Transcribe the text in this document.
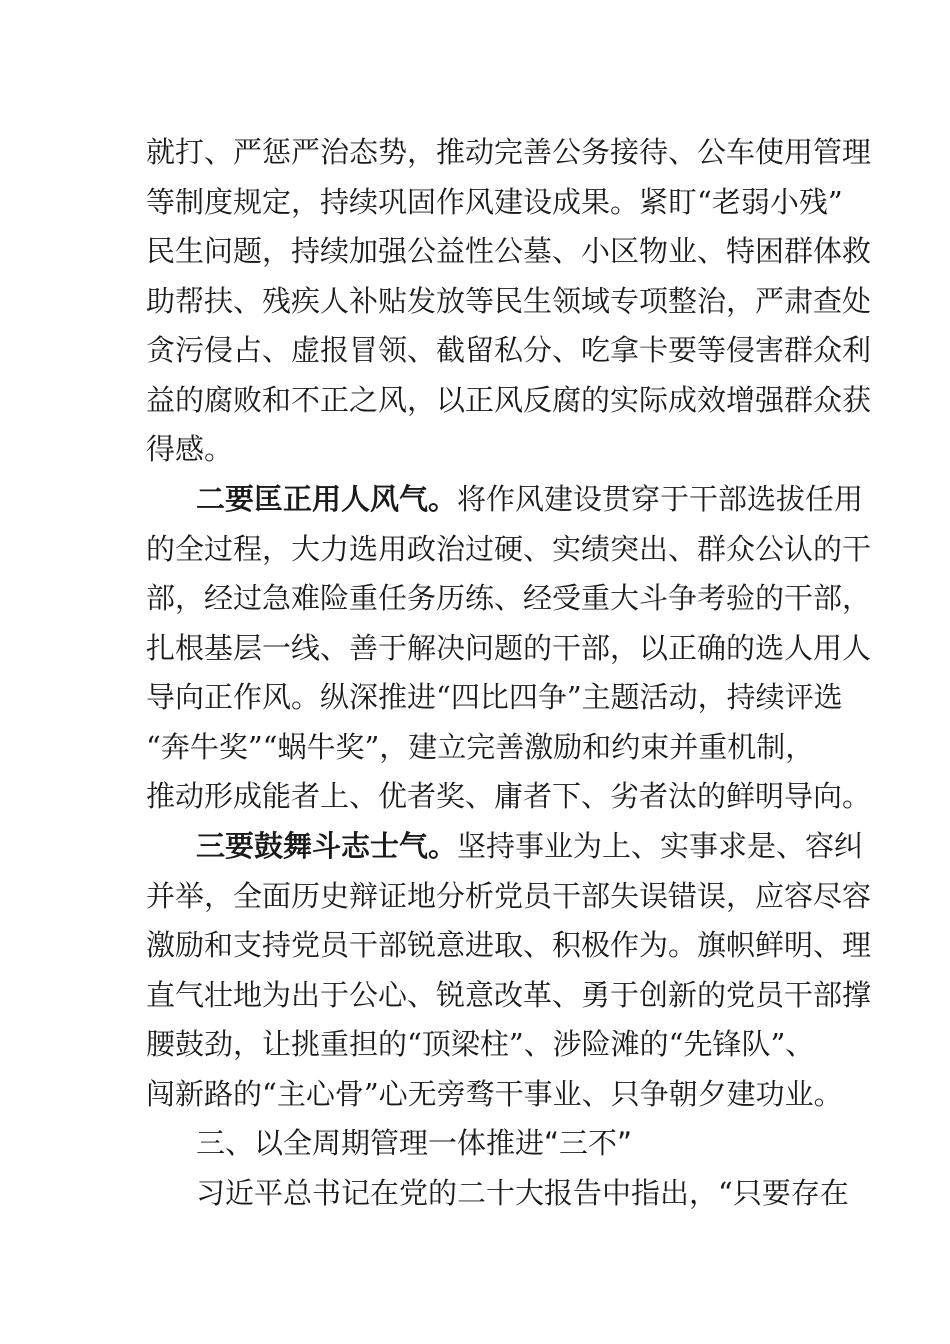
就打、严惩严治态势，推动完善公务接待、公车使用管理
等制度规定，持续巩固作风建设成果。紧盯“老弱小残”
民生问题，持续加强公益性公墓、小区物业、特困群体救
助帮扶、残疾人补贴发放等民生领域专项整治，严肃查处
贪污侵占、虚报冒领、截留私分、吃拿卡要等侵害群众利
益的腐败和不正之风，以正风反腐的实际成效增强群众获
得感。
二要匡正用人风气。将作风建设贯穿于干部选拔任用
的全过程，大力选用政治过硬、实绩突出、群众公认的干
部，经过急难险重任务历练、经受重大斗争考验的干部，
扎根基层一线、善于解决问题的干部，以正确的选人用人
导向正作风。纵深推进“四比四争”主题活动，持续评选
“奔牛奖”“蜗牛奖”，建立完善激励和约束并重机制，
推动形成能者上、优者奖、庸者下、劣者汰的鲜明导向。
三要鼓舞斗志士气。坚持事业为上、实事求是、容纠
并举，全面历史辩证地分析党员干部失误错误，应容尽容
激励和支持党员干部锐意进取、积极作为。旗帜鲜明、理
直气壮地为出于公心、锐意改革、勇于创新的党员干部撑
腰鼓劲，让挑重担的“顶梁柱”、涉险滩的“先锋队”、
闯新路的“主心骨”心无旁骛干事业、只争朝夕建功业。
三、以全周期管理一体推进“三不”
习近平总书记在党的二十大报告中指出，“只要存在
